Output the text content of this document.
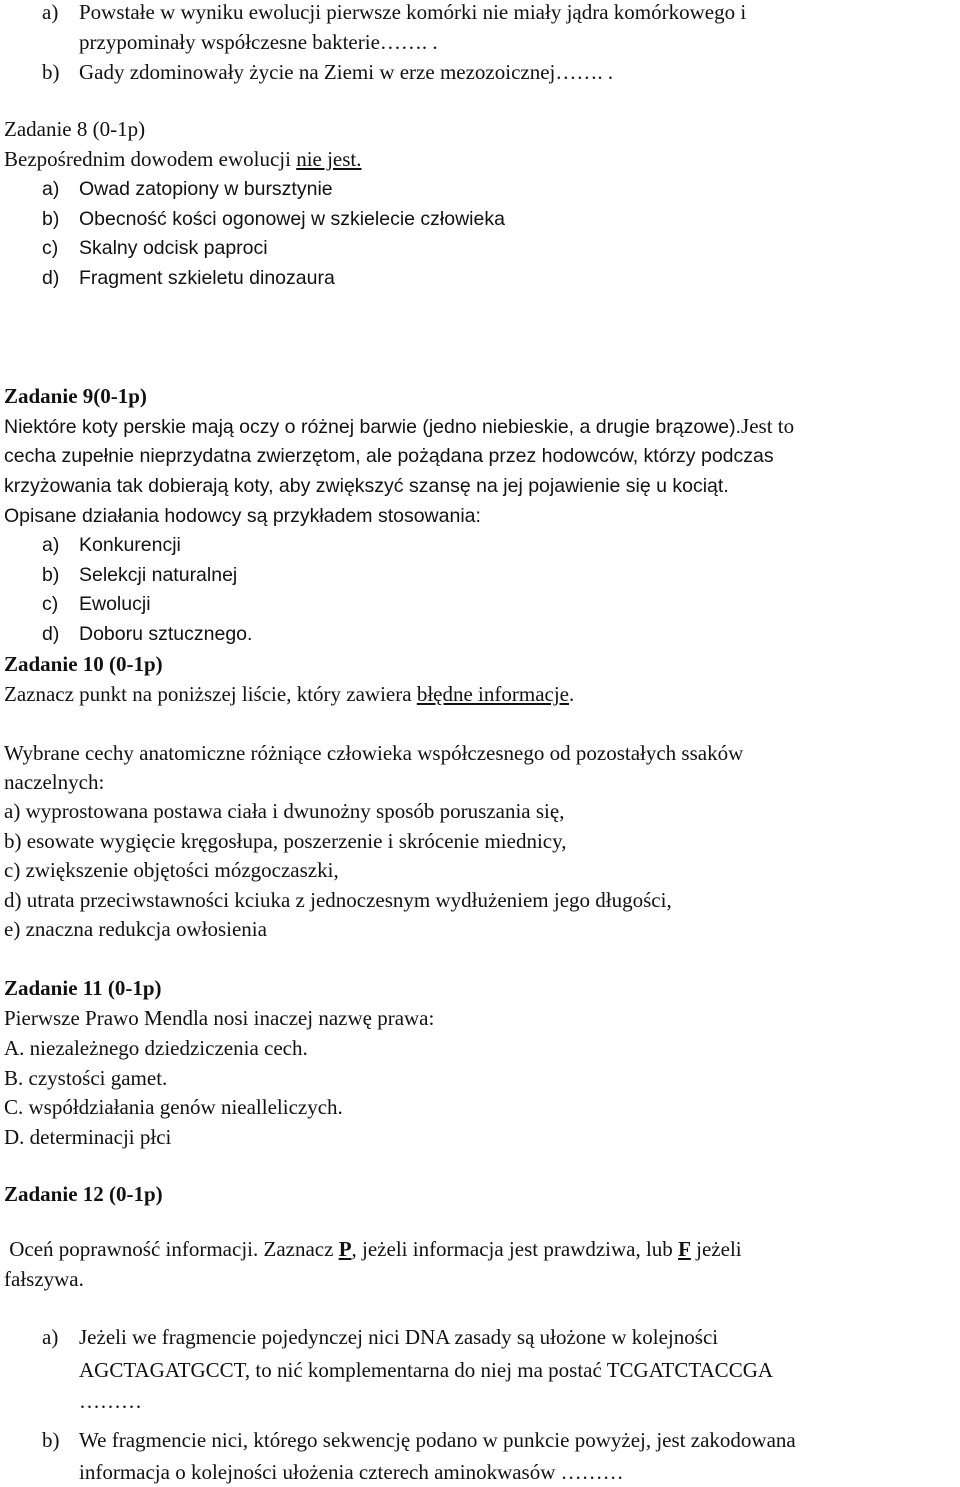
a) Powstałe w wyniku ewolucji pierwsze komórki nie miały jądra komórkowego i
przypominały współczesne bakterie……. .
b) Gady zdominowały życie na Ziemi w erze mezozoicznej……. .
Zadanie 8 (0-1p)
Bezpośrednim dowodem ewolucji nie jest.
a) Owad zatopiony w bursztynie
b) Obecność kości ogonowej w szkielecie człowieka
c) Skalny odcisk paproci
d) Fragment szkieletu dinozaura
Zadanie 9(0-1p)
Niektóre koty perskie mają oczy o różnej barwie (jedno niebieskie, a drugie brązowe).Jest to
cecha zupełnie nieprzydatna zwierzętom, ale pożądana przez hodowców, którzy podczas
krzyżowania tak dobierają koty, aby zwiększyć szansę na jej pojawienie się u kociąt.
Opisane działania hodowcy są przykładem stosowania:
a) Konkurencji
b) Selekcji naturalnej
c) Ewolucji
d) Doboru sztucznego.
Zadanie 10 (0-1p)
Zaznacz punkt na poniższej liście, który zawiera błędne informacje.
Wybrane cechy anatomiczne różniące człowieka współczesnego od pozostałych ssaków
naczelnych:
a) wyprostowana postawa ciała i dwunożny sposób poruszania się,
b) esowate wygięcie kręgosłupa, poszerzenie i skrócenie miednicy,
c) zwiększenie objętości mózgoczaszki,
d) utrata przeciwstawności kciuka z jednoczesnym wydłużeniem jego długości,
e) znaczna redukcja owłosienia
Zadanie 11 (0-1p)
Pierwsze Prawo Mendla nosi inaczej nazwę prawa:
A. niezależnego dziedziczenia cech.
B. czystości gamet.
C. współdziałania genów niealleliczych.
D. determinacji płci
Zadanie 12 (0-1p)
Oceń poprawność informacji. Zaznacz P, jeżeli informacja jest prawdziwa, lub F jeżeli
fałszywa.
a) Jeżeli we fragmencie pojedynczej nici DNA zasady są ułożone w kolejności
AGCTAGATGCCT, to nić komplementarna do niej ma postać TCGATCTACCGA
………
b) We fragmencie nici, którego sekwencję podano w punkcie powyżej, jest zakodowana
informacja o kolejności ułożenia czterech aminokwasów ………
